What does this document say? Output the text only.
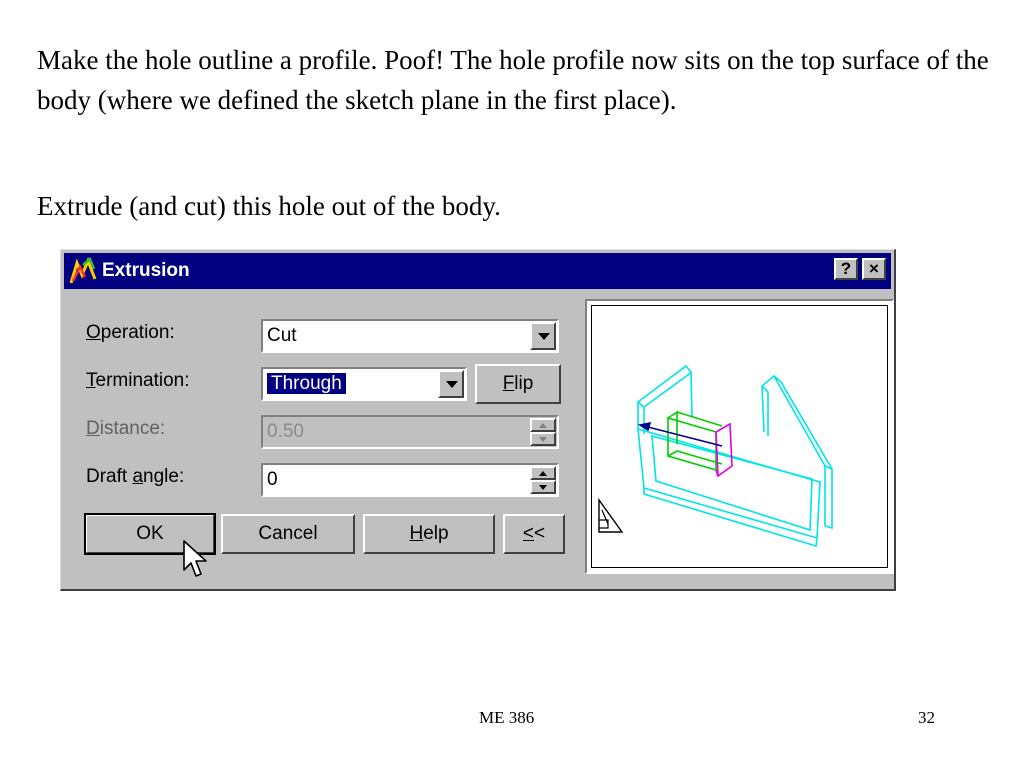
Make the hole outline a profile. Poof! The hole profile now sits on the top surface of the body (where we defined the sketch plane in the first place).

Extrude (and cut) this hole out of the body.

Extrusion	?	×
Operation:	Cut
Termination:	Through	Flip
Distance:	0.50
Draft angle:	0
OK	Cancel	Help	<<
ME 386	32
